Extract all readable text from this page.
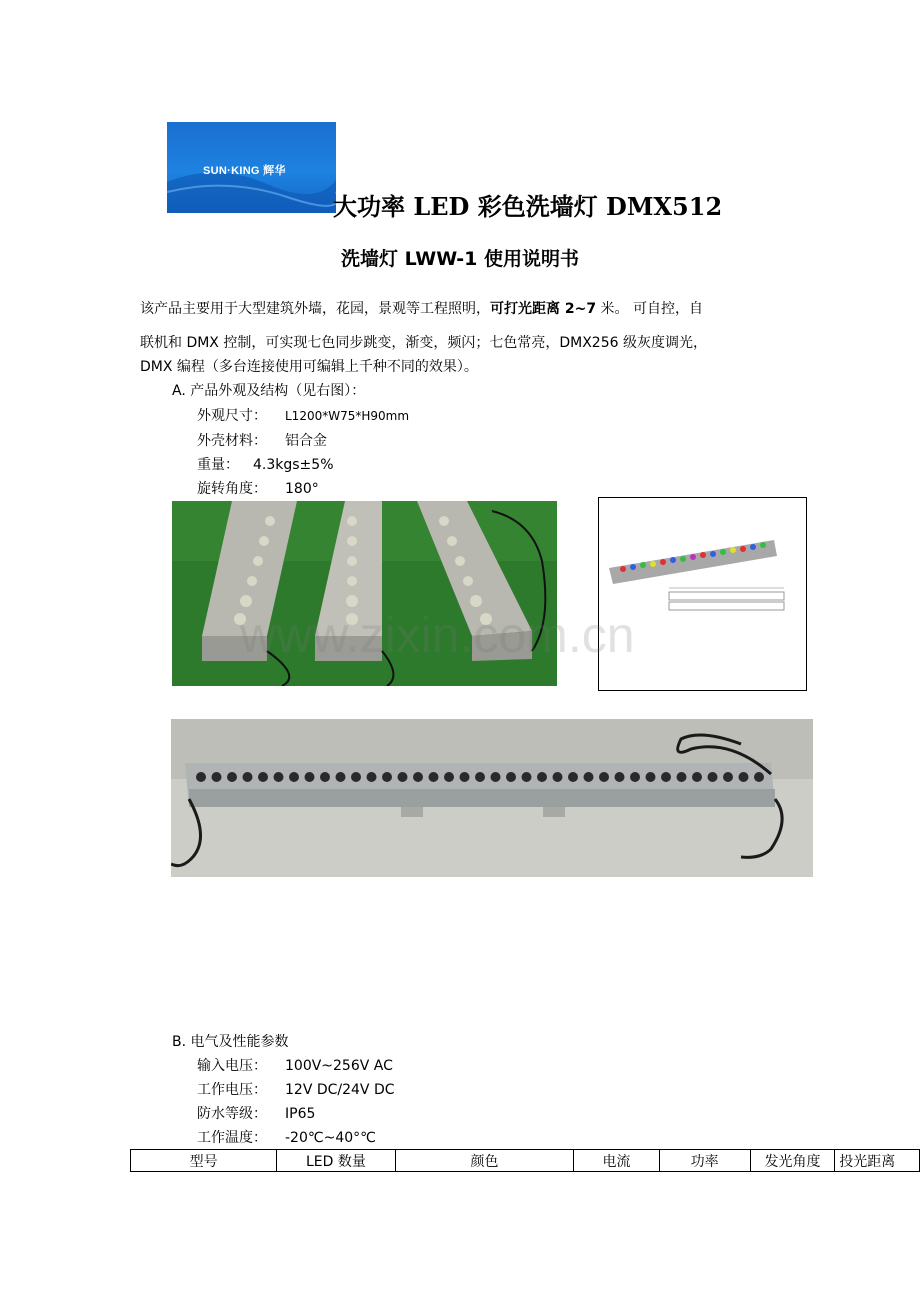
SUN·KING 辉华
大功率 LED 彩色洗墙灯 DMX512
洗墙灯 LWW-1 使用说明书
该产品主要用于大型建筑外墙，花园，景观等工程照明，可打光距离 2~7 米。 可自控，自
联机和 DMX 控制，可实现七色同步跳变，渐变，频闪；七色常亮，DMX256 级灰度调光，
DMX 编程（多台连接使用可编辑上千种不同的效果）。
A. 产品外观及结构（见右图）：
外观尺寸： L1200*W75*H90mm
外壳材料： 铝合金
重量： 4.3kgs±5%
旋转角度： 180°
www.zixin.com.cn
B. 电气及性能参数
输入电压： 100V~256V AC
工作电压： 12V DC/24V DC
防水等级： IP65
工作温度： -20℃~40°℃
型号	LED 数量	颜色	电流	功率	发光角度	投光距离
